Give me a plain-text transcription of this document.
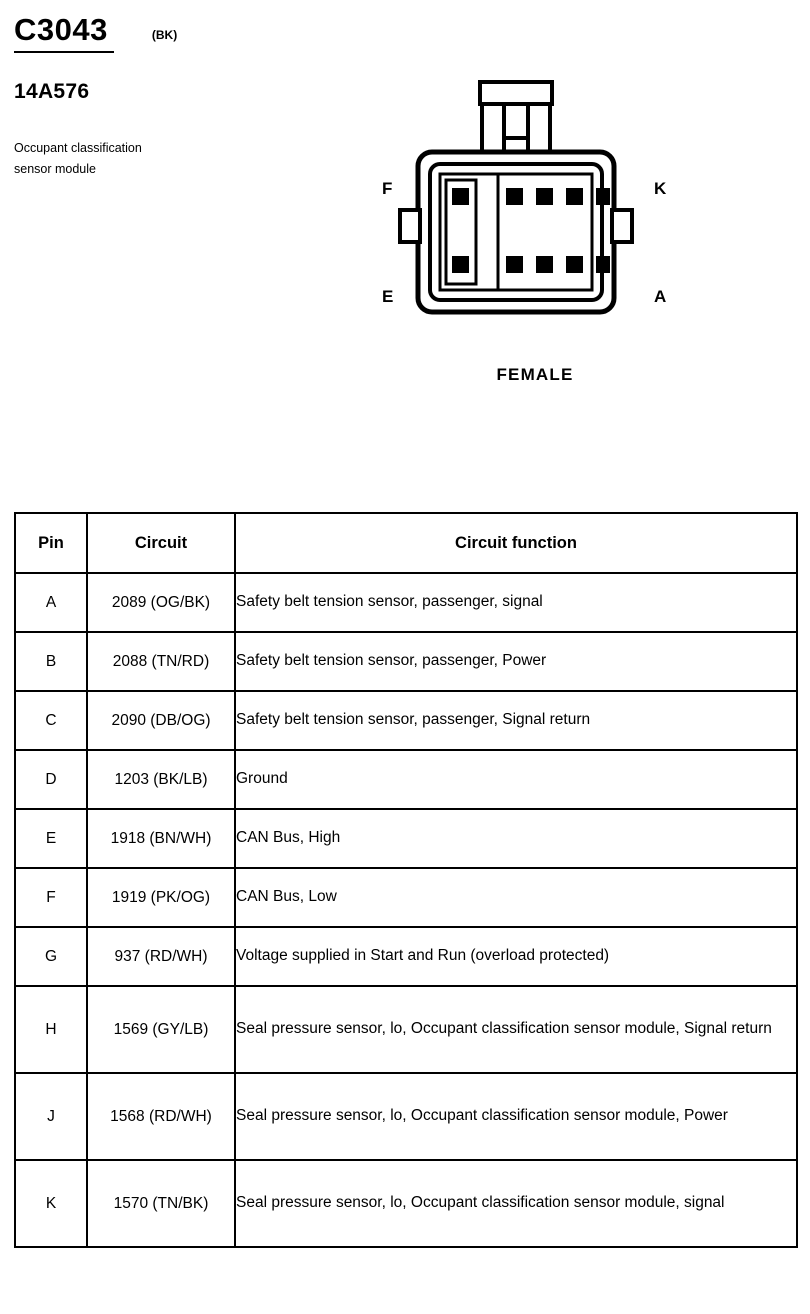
C3043	(BK)
14A576
Occupant classification sensor module
F	K
E	A
FEMALE
Pin	Circuit	Circuit function
A	2089 (OG/BK)	Safety belt tension sensor, passenger, signal
B	2088 (TN/RD)	Safety belt tension sensor, passenger, Power
C	2090 (DB/OG)	Safety belt tension sensor, passenger, Signal return
D	1203 (BK/LB)	Ground
E	1918 (BN/WH)	CAN Bus, High
F	1919 (PK/OG)	CAN Bus, Low
G	937 (RD/WH)	Voltage supplied in Start and Run (overload protected)
H	1569 (GY/LB)	Seal pressure sensor, lo, Occupant classification sensor module, Signal return
J	1568 (RD/WH)	Seal pressure sensor, lo, Occupant classification sensor module, Power
K	1570 (TN/BK)	Seal pressure sensor, lo, Occupant classification sensor module, signal
